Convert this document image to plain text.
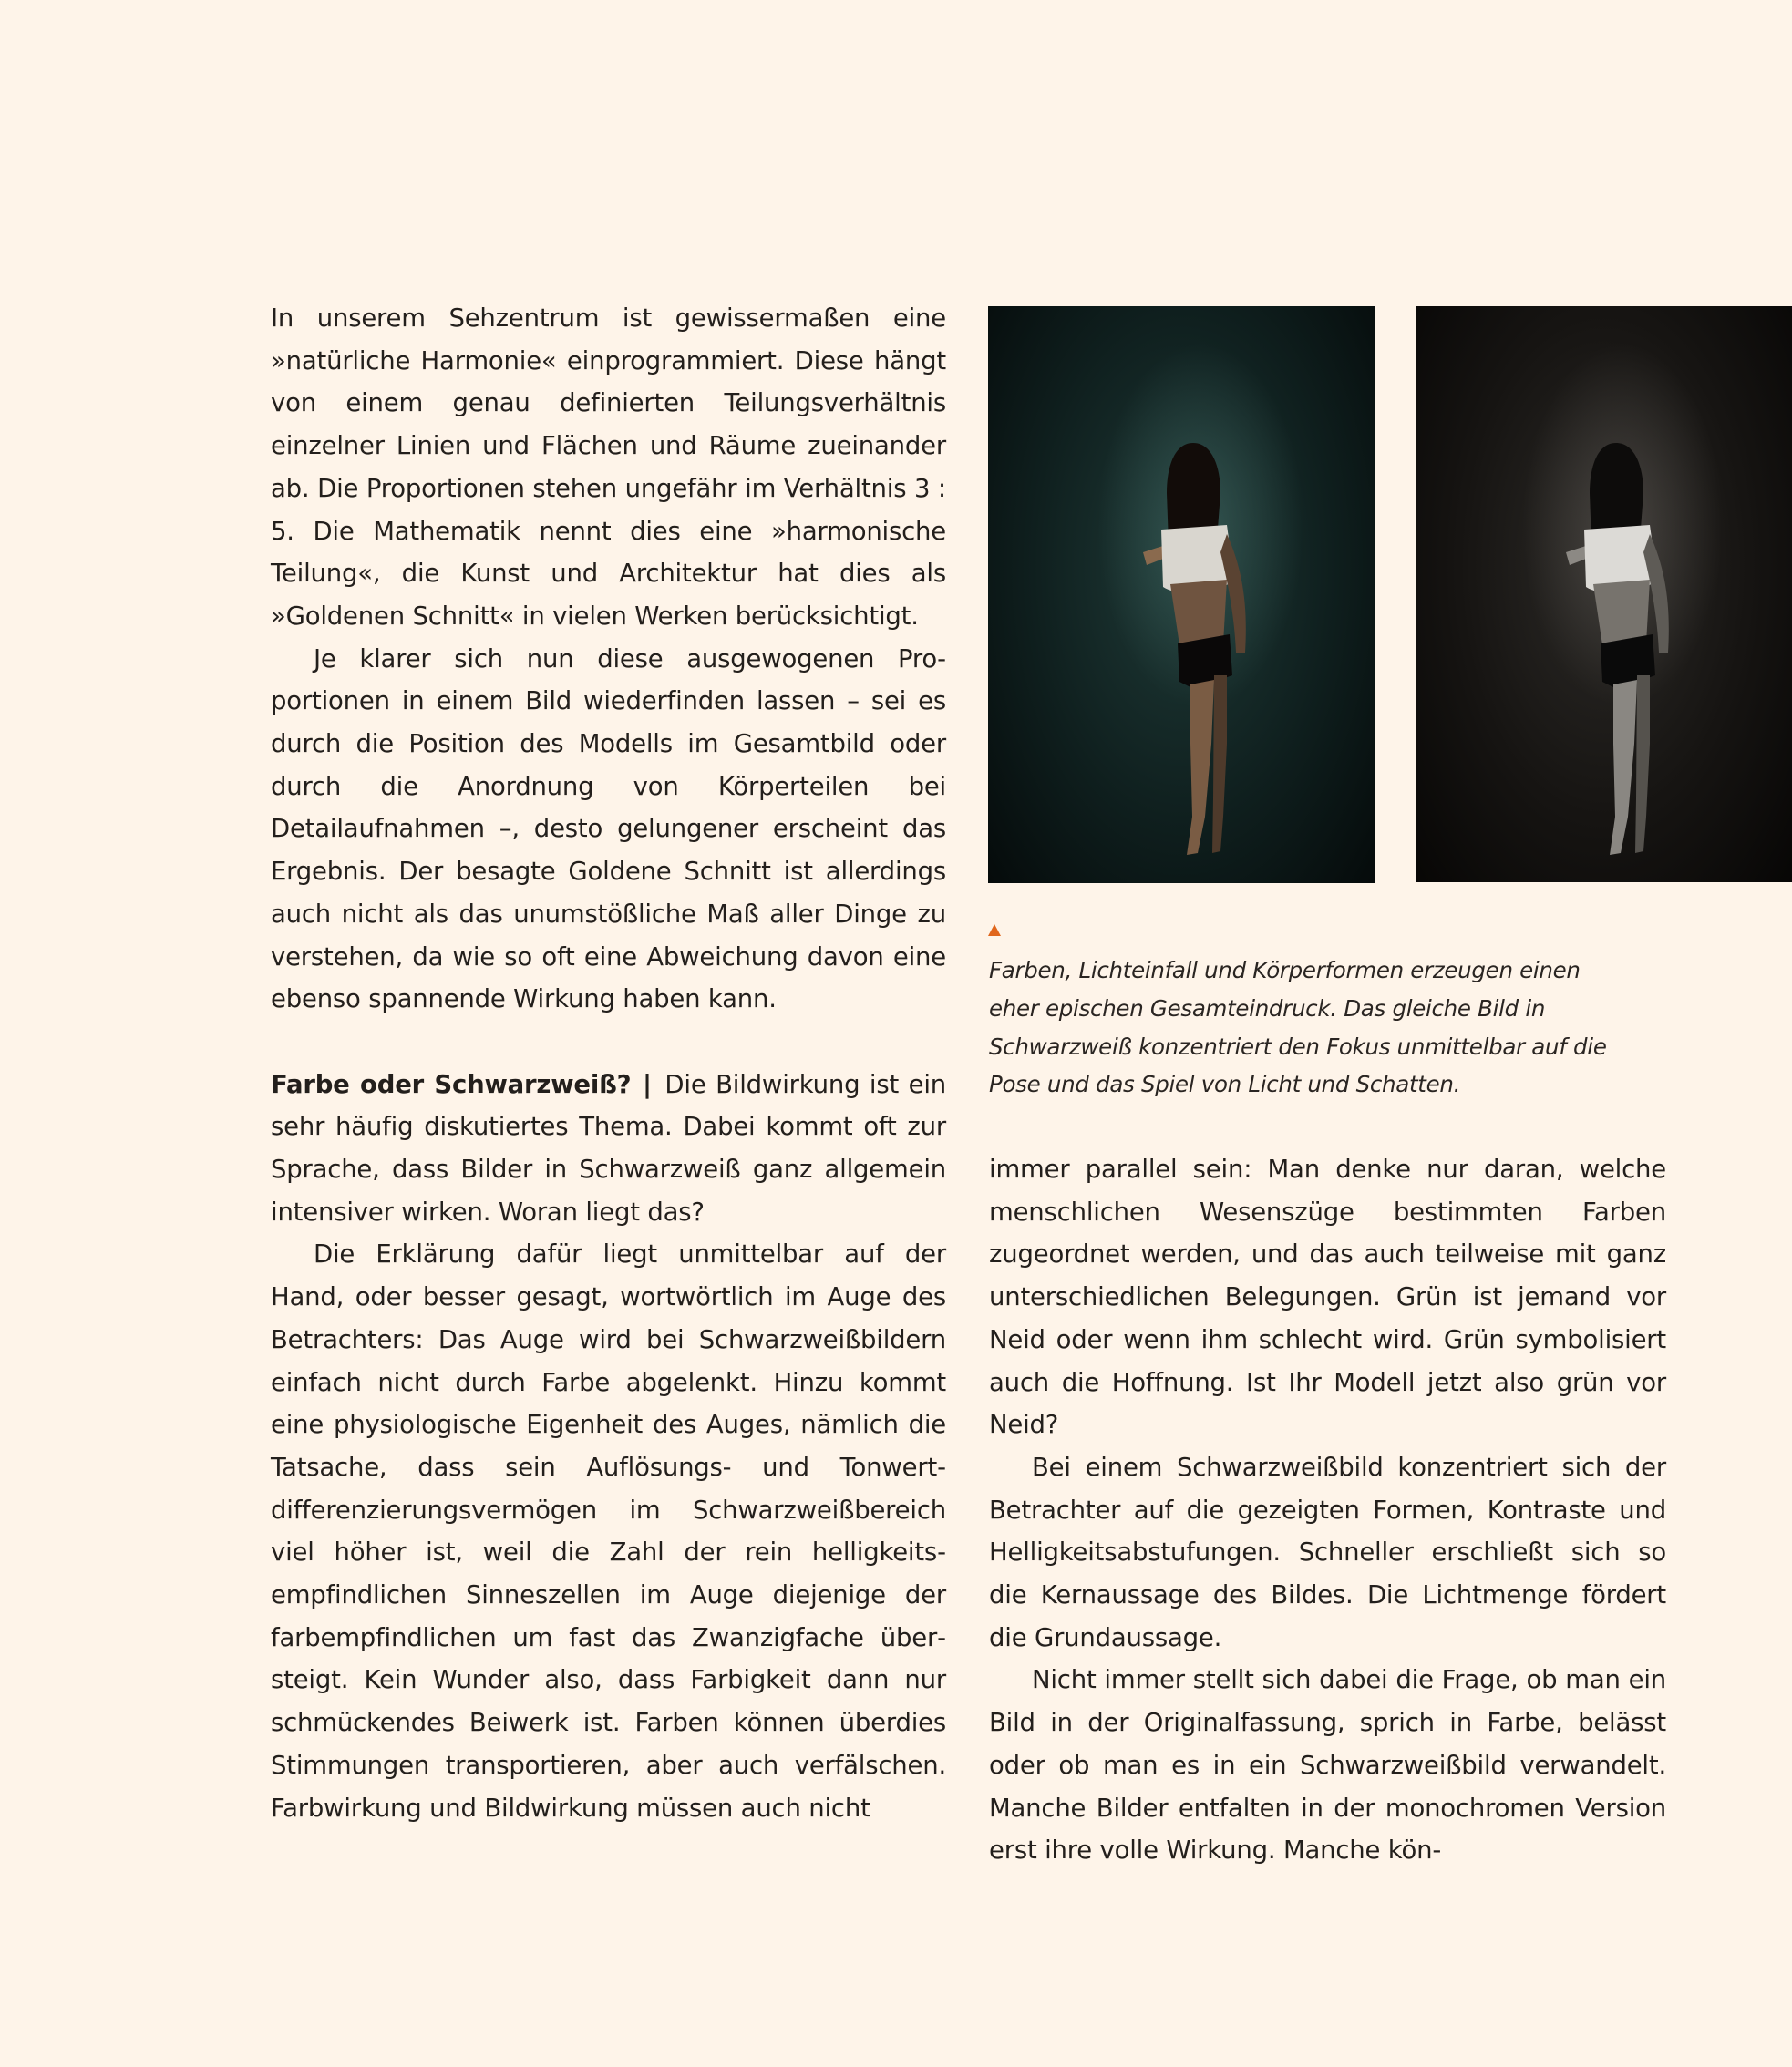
In unserem Sehzentrum ist gewissermaßen eine »natürliche Harmonie« einprogrammiert. Diese hängt von einem genau definierten Teilungsverhältnis einzelner Linien und Flächen und Räume zueinander ab. Die Proportionen stehen ungefähr im Verhältnis 3 : 5. Die Mathematik nennt dies eine »harmonische Teilung«, die Kunst und Architektur hat dies als »Goldenen Schnitt« in vielen Werken berücksichtigt.

Je klarer sich nun diese ausgewogenen Proportionen in einem Bild wiederfinden lassen – sei es durch die Position des Modells im Gesamtbild oder durch die Anordnung von Körperteilen bei Detailaufnahmen –, desto gelungener erscheint das Ergebnis. Der besagte Goldene Schnitt ist allerdings auch nicht als das unumstößliche Maß aller Dinge zu verstehen, da wie so oft eine Abweichung davon eine ebenso spannende Wirkung haben kann.

Farbe oder Schwarzweiß? | Die Bildwirkung ist ein sehr häufig diskutiertes Thema. Dabei kommt oft zur Sprache, dass Bilder in Schwarzweiß ganz allgemein intensiver wirken. Woran liegt das?

Die Erklärung dafür liegt unmittelbar auf der Hand, oder besser gesagt, wortwörtlich im Auge des Betrachters: Das Auge wird bei Schwarzweißbildern einfach nicht durch Farbe abgelenkt. Hinzu kommt eine physiologische Eigenheit des Auges, nämlich die Tatsache, dass sein Auflösungs- und Tonwertdifferenzierungsvermögen im Schwarzweißbereich viel höher ist, weil die Zahl der rein helligkeitsempfindlichen Sinneszellen im Auge diejenige der farbempfindlichen um fast das Zwanzigfache übersteigt. Kein Wunder also, dass Farbigkeit dann nur schmückendes Beiwerk ist. Farben können überdies Stimmungen transportieren, aber auch verfälschen. Farbwirkung und Bildwirkung müssen auch nicht

Farben, Lichteinfall und Körperformen erzeugen einen
eher epischen Gesamteindruck. Das gleiche Bild in
Schwarzweiß konzentriert den Fokus unmittelbar auf die
Pose und das Spiel von Licht und Schatten.

immer parallel sein: Man denke nur daran, welche menschlichen Wesenszüge bestimmten Farben zugeordnet werden, und das auch teilweise mit ganz unterschiedlichen Belegungen. Grün ist jemand vor Neid oder wenn ihm schlecht wird. Grün symbolisiert auch die Hoffnung. Ist Ihr Modell jetzt also grün vor Neid?

Bei einem Schwarzweißbild konzentriert sich der Betrachter auf die gezeigten Formen, Kontraste und Helligkeitsabstufungen. Schneller erschließt sich so die Kernaussage des Bildes. Die Lichtmenge fördert die Grundaussage.

Nicht immer stellt sich dabei die Frage, ob man ein Bild in der Originalfassung, sprich in Farbe, belässt oder ob man es in ein Schwarzweißbild verwandelt. Manche Bilder entfalten in der monochromen Version erst ihre volle Wirkung. Manche kön-
